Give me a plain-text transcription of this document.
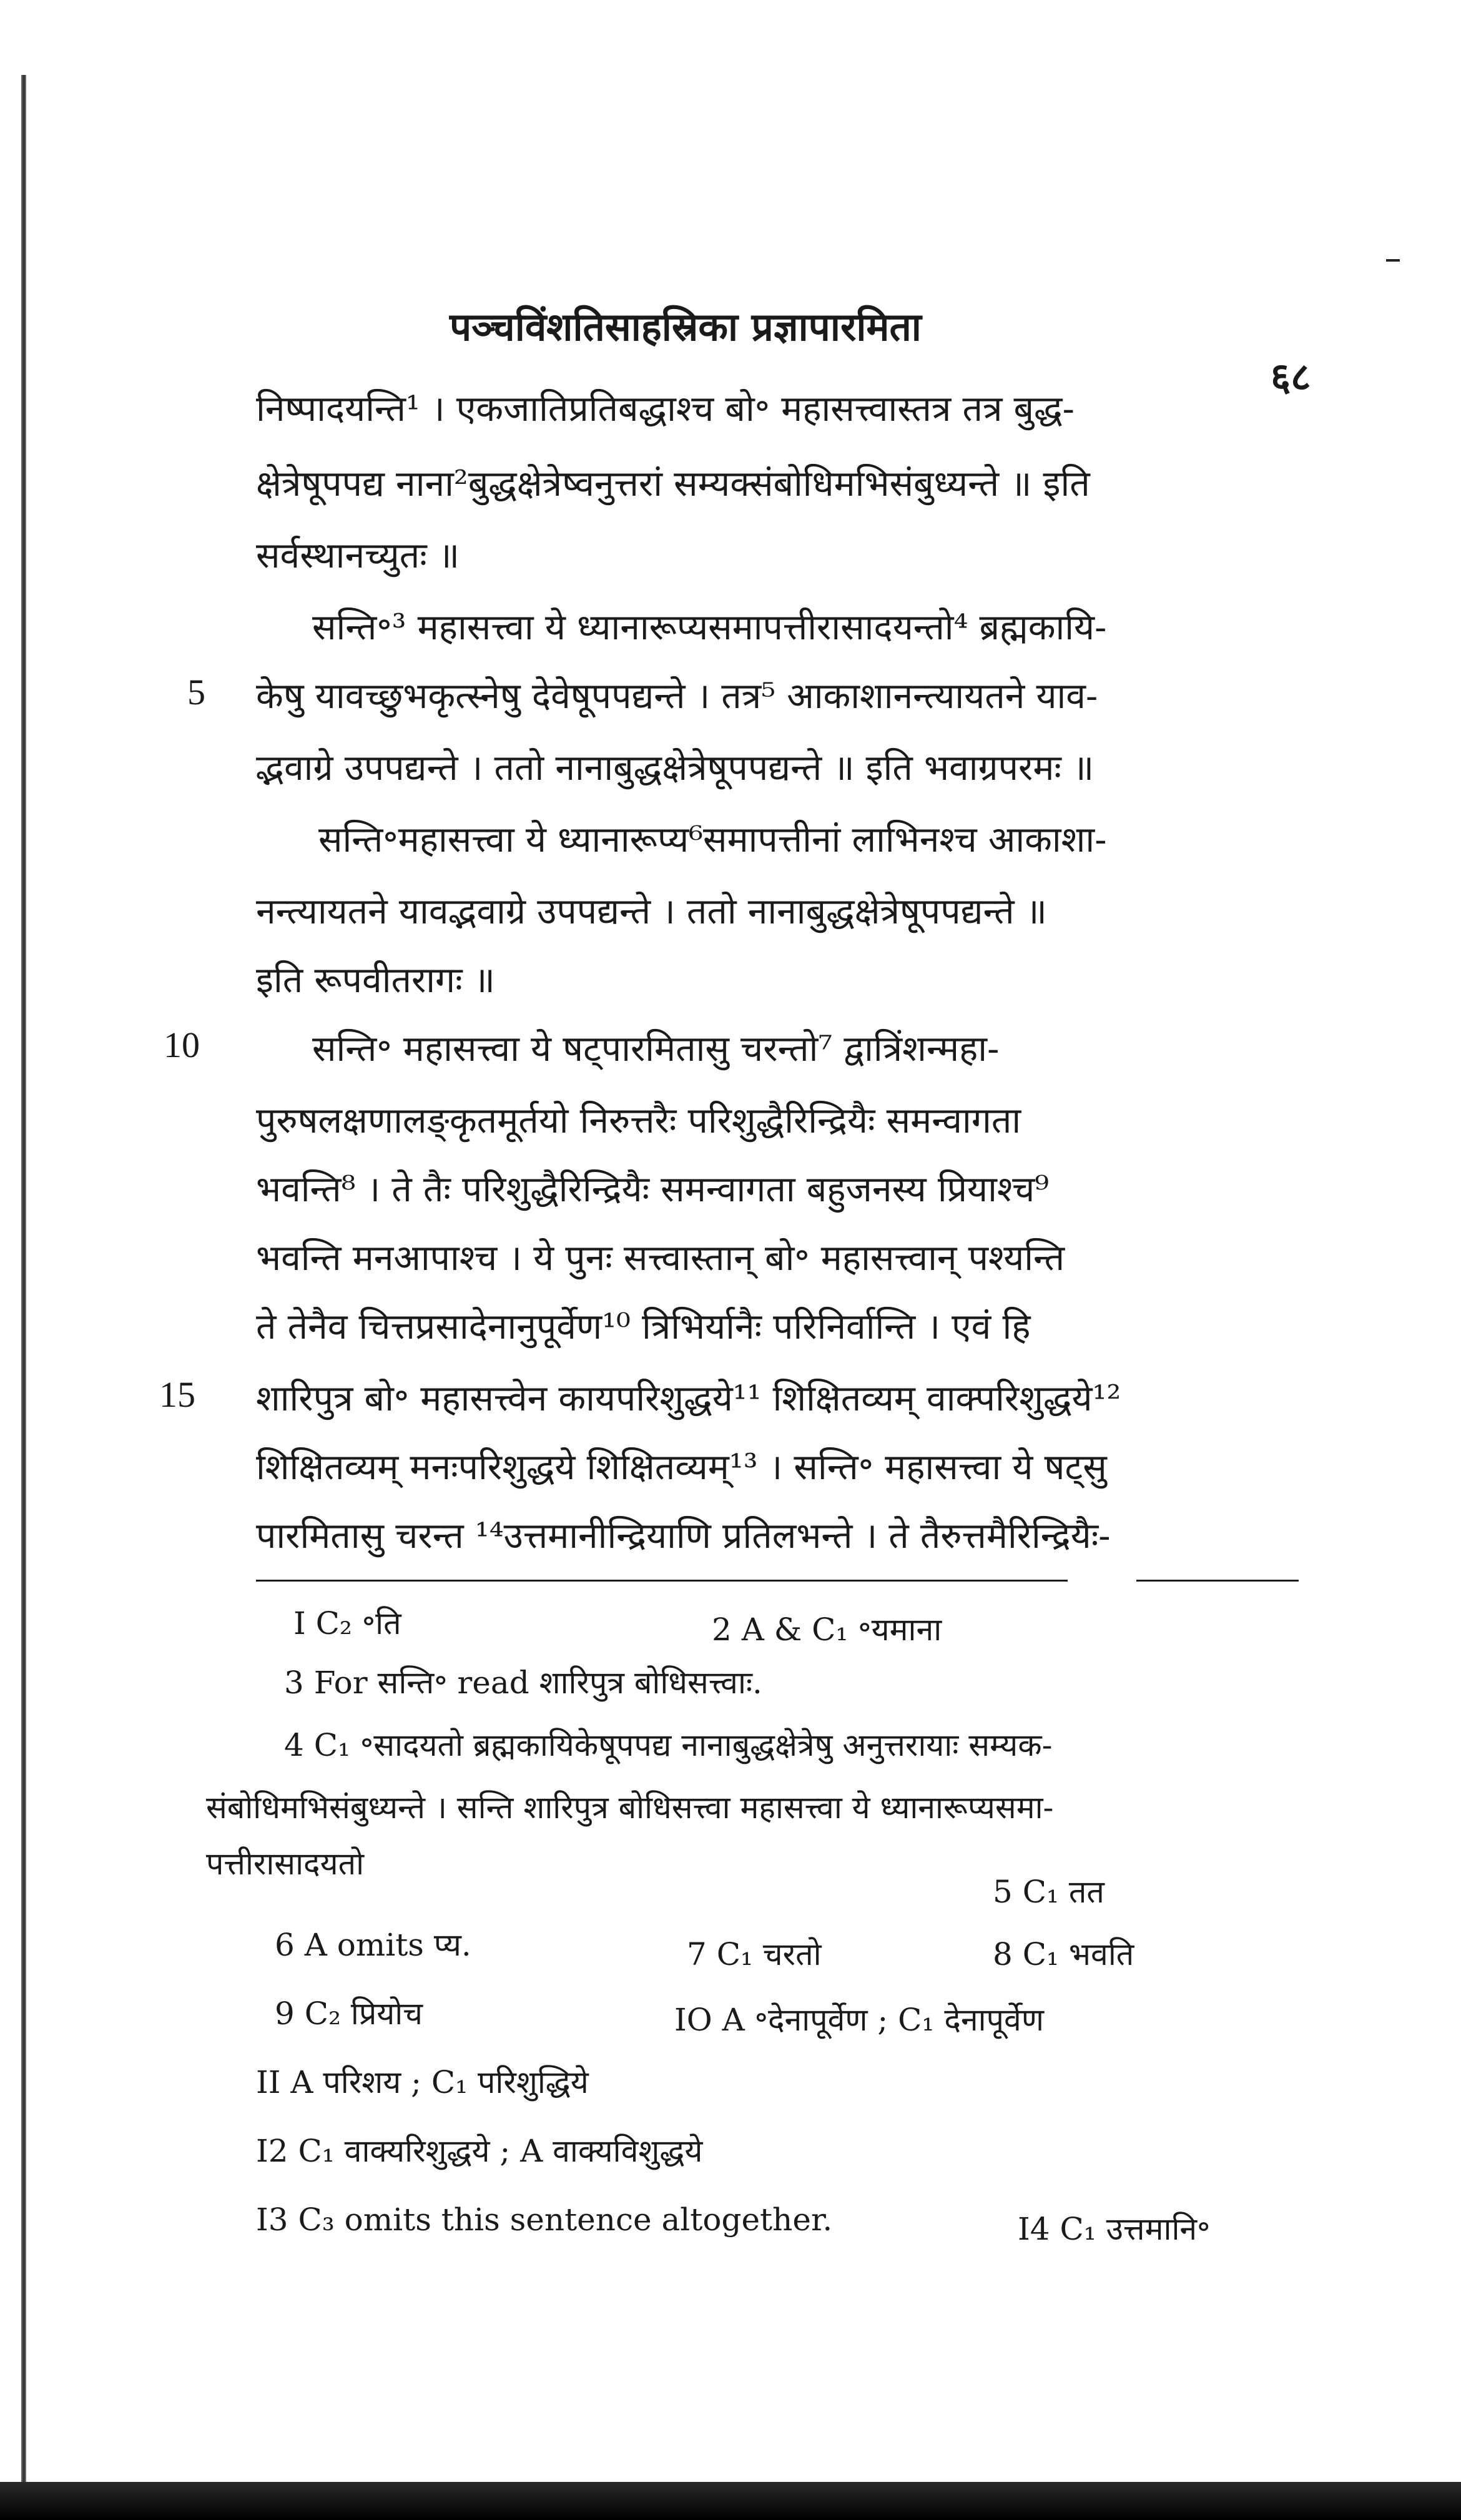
पञ्चविंशतिसाहस्रिका प्रज्ञापारमिता
६८
निष्पादयन्ति¹ । एकजातिप्रतिबद्धाश्च बो॰ महासत्त्वास्तत्र तत्र बुद्ध-
क्षेत्रेषूपपद्य नाना²बुद्धक्षेत्रेष्वनुत्तरां सम्यक्संबोधिमभिसंबुध्यन्ते ॥ इति
सर्वस्थानच्युतः ॥
सन्ति॰³ महासत्त्वा ये ध्यानारूप्यसमापत्तीरासादयन्तो⁴ ब्रह्मकायि-
5 केषु यावच्छुभकृत्स्नेषु देवेषूपपद्यन्ते । तत्र⁵ आकाशानन्त्यायतने याव-
द्भवाग्रे उपपद्यन्ते । ततो नानाबुद्धक्षेत्रेषूपपद्यन्ते ॥ इति भवाग्रपरमः ॥
सन्ति॰महासत्त्वा ये ध्यानारूप्य⁶समापत्तीनां लाभिनश्च आकाशा-
नन्त्यायतने यावद्भवाग्रे उपपद्यन्ते । ततो नानाबुद्धक्षेत्रेषूपपद्यन्ते ॥
इति रूपवीतरागः ॥
10	सन्ति॰ महासत्त्वा ये षट्पारमितासु चरन्तो⁷ द्वात्रिंशन्महा-
पुरुषलक्षणालङ्कृतमूर्तयो निरुत्तरैः परिशुद्धैरिन्द्रियैः समन्वागता
भवन्ति⁸ । ते तैः परिशुद्धैरिन्द्रियैः समन्वागता बहुजनस्य प्रियाश्च⁹
भवन्ति मनआपाश्च । ये पुनः सत्त्वास्तान् बो॰ महासत्त्वान् पश्यन्ति
ते तेनैव चित्तप्रसादेनानुपूर्वेण¹⁰ त्रिभिर्यानैः परिनिर्वान्ति । एवं हि
15 शारिपुत्र बो॰ महासत्त्वेन कायपरिशुद्धये¹¹ शिक्षितव्यम् वाक्परिशुद्धये¹²
शिक्षितव्यम् मनःपरिशुद्धये शिक्षितव्यम्¹³ । सन्ति॰ महासत्त्वा ये षट्सु
पारमितासु चरन्त ¹⁴उत्तमानीन्द्रियाणि प्रतिलभन्ते । ते तैरुत्तमैरिन्द्रियैः-
I C₂ ॰ति	2 A & C₁ ॰यमाना
3 For सन्ति॰ read शारिपुत्र बोधिसत्त्वाः.
4 C₁ ॰सादयतो ब्रह्मकायिकेषूपपद्य नानाबुद्धक्षेत्रेषु अनुत्तरायाः सम्यक-
संबोधिमभिसंबुध्यन्ते । सन्ति शारिपुत्र बोधिसत्त्वा महासत्त्वा ये ध्यानारूप्यसमा-
पत्तीरासादयतो
5 C₁ तत
6 A omits प्य.	7 C₁ चरतो	8 C₁ भवति
9 C₂ प्रियोच	IO A ॰देनापूर्वेण ; C₁ देनापूर्वेण
II A परिशय ; C₁ परिशुद्धिये
I2 C₁ वाक्यरिशुद्धये ; A वाक्यविशुद्धये
I3 C₃ omits this sentence altogether.	I4 C₁ उत्तमानि॰
